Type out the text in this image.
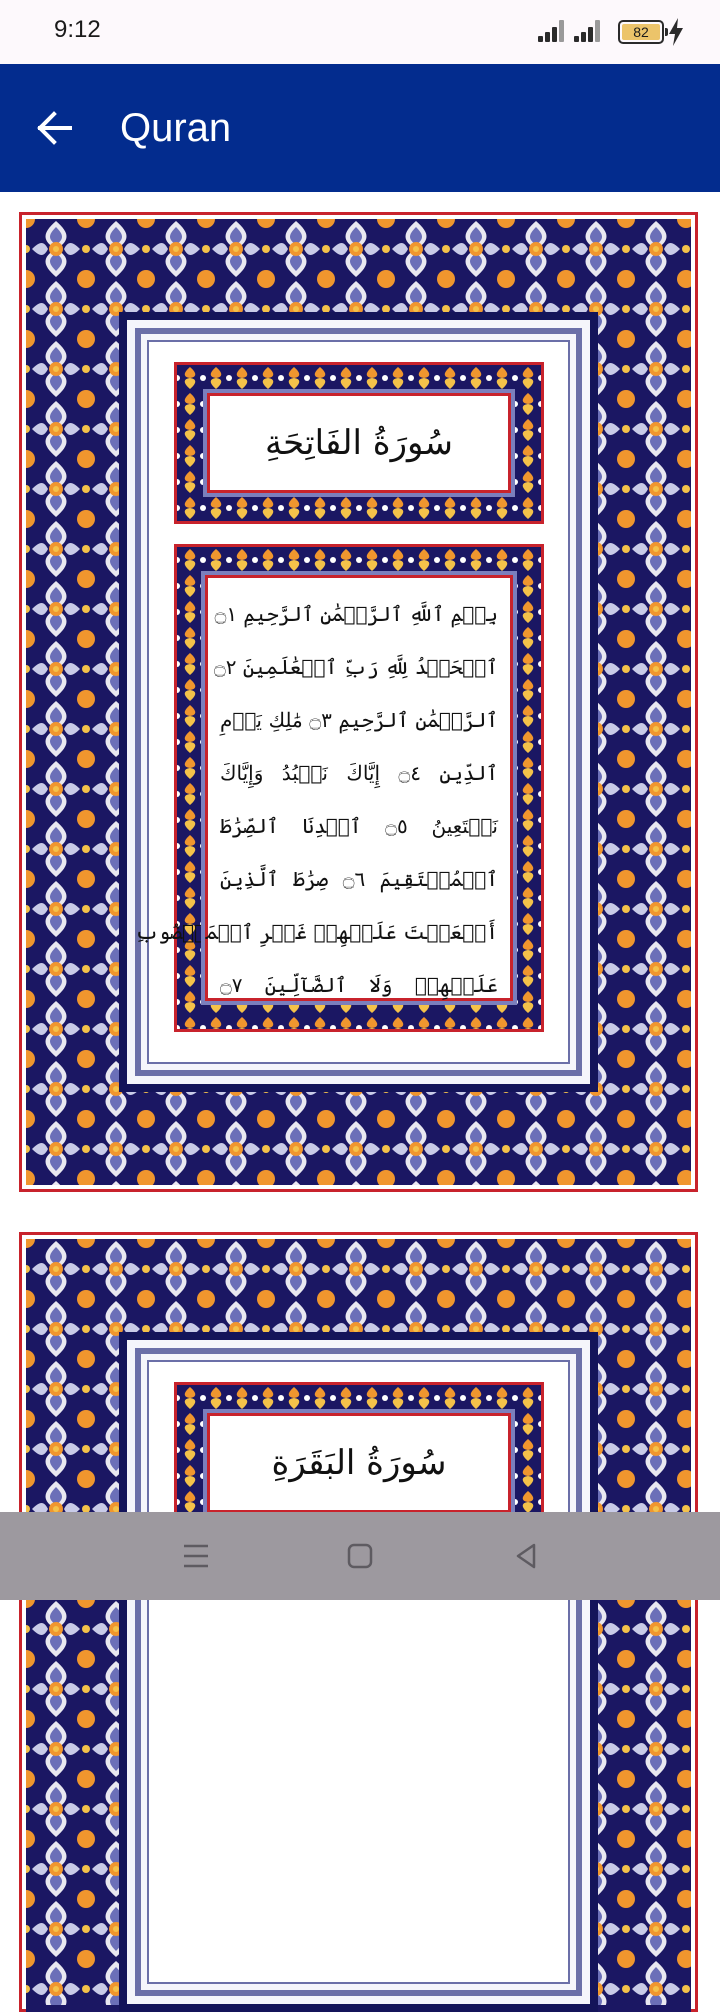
9:12	82
Quran
سُورَةُ الفَاتِحَةِ
بِسۡمِ ٱللَّهِ ٱلرَّحۡمَٰنِ ٱلرَّحِيمِ ۝١
ٱلۡحَمۡدُ لِلَّهِ رَبِّ ٱلۡعَٰلَمِينَ ۝٢
ٱلرَّحۡمَٰنِ ٱلرَّحِيمِ ۝٣ مَٰلِكِ يَوۡمِ
ٱلدِّينِ ۝٤ إِيَّاكَ نَعۡبُدُ وَإِيَّاكَ
نَسۡتَعِينُ ۝٥ ٱهۡدِنَا ٱلصِّرَٰطَ
ٱلۡمُسۡتَقِيمَ ۝٦ صِرَٰطَ ٱلَّذِينَ
أَنۡعَمۡتَ عَلَيۡهِمۡ غَيۡرِ ٱلۡمَغۡضُوبِ
عَلَيۡهِمۡ وَلَا ٱلضَّآلِّينَ ۝٧
سُورَةُ البَقَرَةِ
